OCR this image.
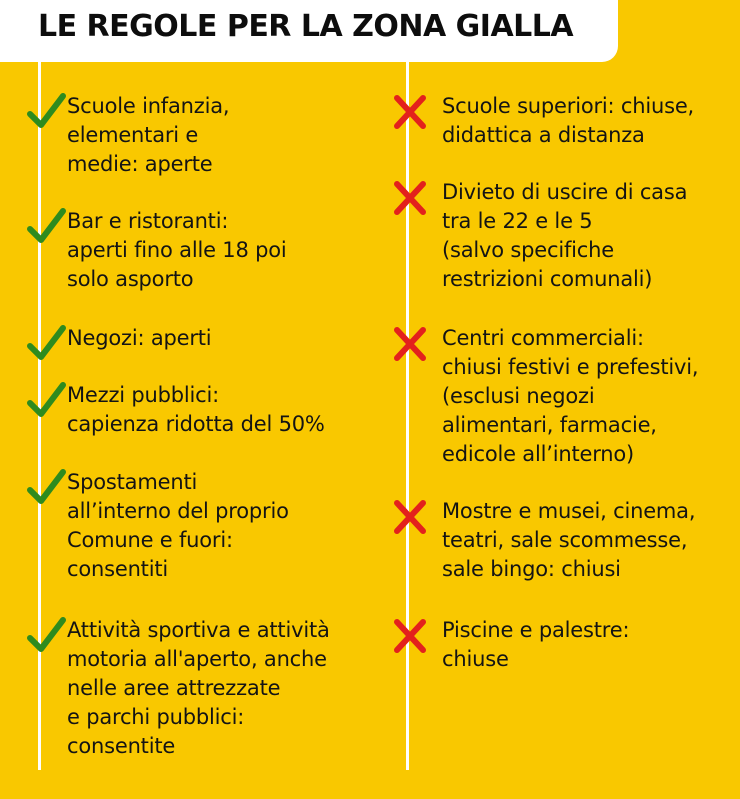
LE REGOLE PER LA ZONA GIALLA
Scuole infanzia,
elementari e
medie: aperte
Bar e ristoranti:
aperti fino alle 18 poi
solo asporto
Negozi: aperti
Mezzi pubblici:
capienza ridotta del 50%
Spostamenti
all’interno del proprio
Comune e fuori:
consentiti
Attività sportiva e attività
motoria all'aperto, anche
nelle aree attrezzate
e parchi pubblici:
consentite
Scuole superiori: chiuse,
didattica a distanza
Divieto di uscire di casa
tra le 22 e le 5
(salvo specifiche
restrizioni comunali)
Centri commerciali:
chiusi festivi e prefestivi,
(esclusi negozi
alimentari, farmacie,
edicole all’interno)
Mostre e musei, cinema,
teatri, sale scommesse,
sale bingo: chiusi
Piscine e palestre:
chiuse
